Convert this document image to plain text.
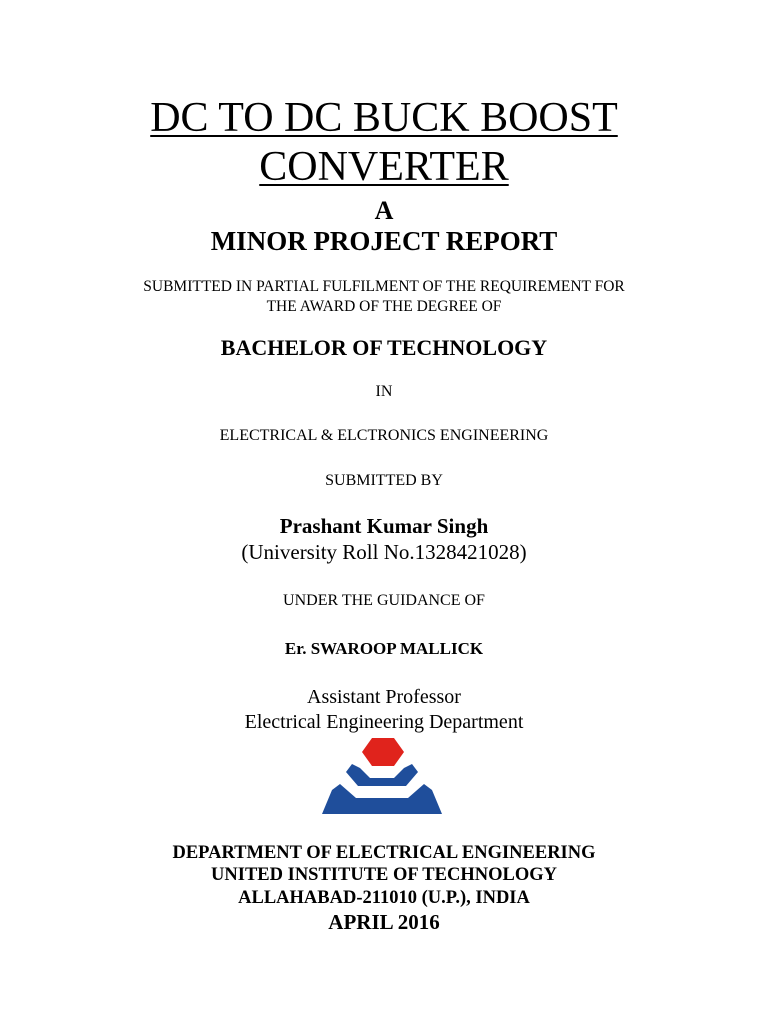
DC TO DC BUCK BOOST
CONVERTER
A
MINOR PROJECT REPORT
SUBMITTED IN PARTIAL FULFILMENT OF THE REQUIREMENT FOR
THE AWARD OF THE DEGREE OF
BACHELOR OF TECHNOLOGY
IN
ELECTRICAL & ELCTRONICS ENGINEERING
SUBMITTED BY
Prashant Kumar Singh
(University Roll No.1328421028)
UNDER THE GUIDANCE OF
Er. SWAROOP MALLICK
Assistant Professor
Electrical Engineering Department
DEPARTMENT OF ELECTRICAL ENGINEERING
UNITED INSTITUTE OF TECHNOLOGY
ALLAHABAD-211010 (U.P.), INDIA
APRIL 2016
